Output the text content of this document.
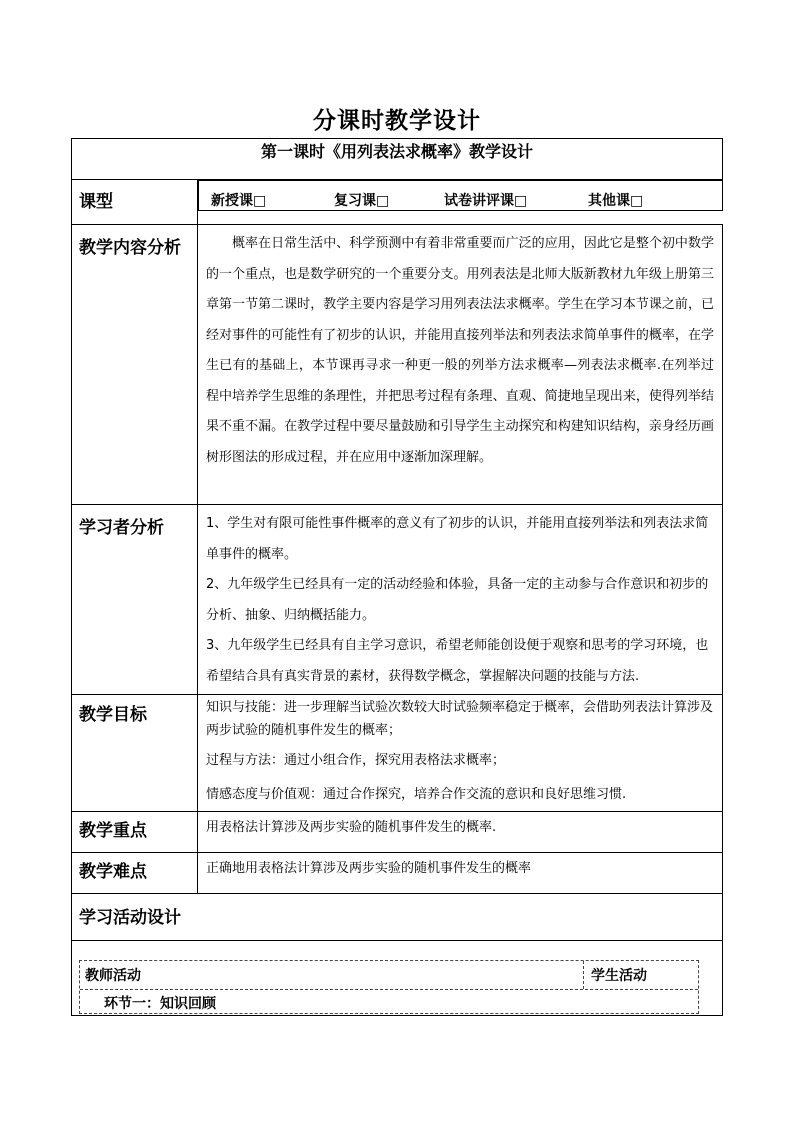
分课时教学设计
第一课时《用列表法求概率》教学设计	
课型		新授课□	复习课□	试卷讲评课□	其他课□

教学内容分析	概率在日常生活中、科学预测中有着非常重要而广泛的应用，因此它是整个初中数学的一个重点，也是数学研究的一个重要分支。用列表法是北师大版新教材九年级上册第三章第一节第二课时，教学主要内容是学习用列表法法求概率。学生在学习本节课之前，已经对事件的可能性有了初步的认识，并能用直接列举法和列表法求简单事件的概率，在学生已有的基础上，本节课再寻求一种更一般的列举方法求概率—列表法求概率.在列举过程中培养学生思维的条理性，并把思考过程有条理、直观、简捷地呈现出来，使得列举结果不重不漏。在教学过程中要尽量鼓励和引导学生主动探究和构建知识结构，亲身经历画树形图法的形成过程，并在应用中逐渐加深理解。
学习者分析	1、学生对有限可能性事件概率的意义有了初步的认识，并能用直接列举法和列表法求简单事件的概率。

2、九年级学生已经具有一定的活动经验和体验，具备一定的主动参与合作意识和初步的分析、抽象、归纳概括能力。

3、九年级学生已经具有自主学习意识，希望老师能创设便于观察和思考的学习环境，也希望结合具有真实背景的素材，获得数学概念，掌握解决问题的技能与方法.

教学目标	知识与技能：进一步理解当试验次数较大时试验频率稳定于概率，会借助列表法计算涉及两步试验的随机事件发生的概率；

过程与方法：通过小组合作，探究用表格法求概率；

情感态度与价值观：通过合作探究，培养合作交流的意识和良好思维习惯.

教学重点	用表格法计算涉及两步实验的随机事件发生的概率.
教学难点	正确地用表格法计算涉及两步实验的随机事件发生的概率
学习活动设计	

教师活动 学生活动
环节一：知识回顾	
